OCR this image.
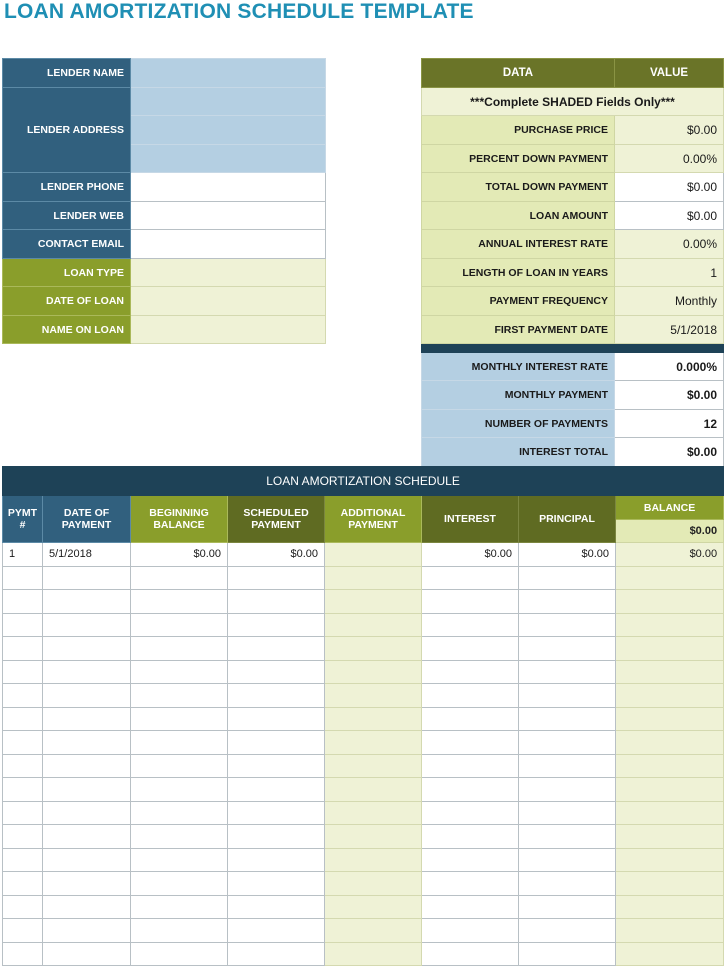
LOAN AMORTIZATION SCHEDULE TEMPLATE
LENDER NAME	
LENDER ADDRESS	

LENDER PHONE	
LENDER WEB	
CONTACT EMAIL	
LOAN TYPE	
DATE OF LOAN	
NAME ON LOAN	
DATA	VALUE
***Complete SHADED Fields Only***	
PURCHASE PRICE	$0.00
PERCENT DOWN PAYMENT	0.00%
TOTAL DOWN PAYMENT	$0.00
LOAN AMOUNT	$0.00
ANNUAL INTEREST RATE	0.00%
LENGTH OF LOAN IN YEARS	1
PAYMENT FREQUENCY	Monthly
FIRST PAYMENT DATE	5/1/2018

MONTHLY INTEREST RATE	0.000%
MONTHLY PAYMENT	$0.00
NUMBER OF PAYMENTS	12
INTEREST TOTAL	$0.00
LOAN AMORTIZATION SCHEDULE							
PYMT #	DATE OF PAYMENT	BEGINNING BALANCE	SCHEDULED PAYMENT	ADDITIONAL PAYMENT	INTEREST	PRINCIPAL	BALANCE
							$0.00
1	5/1/2018	$0.00	$0.00		$0.00	$0.00	$0.00
